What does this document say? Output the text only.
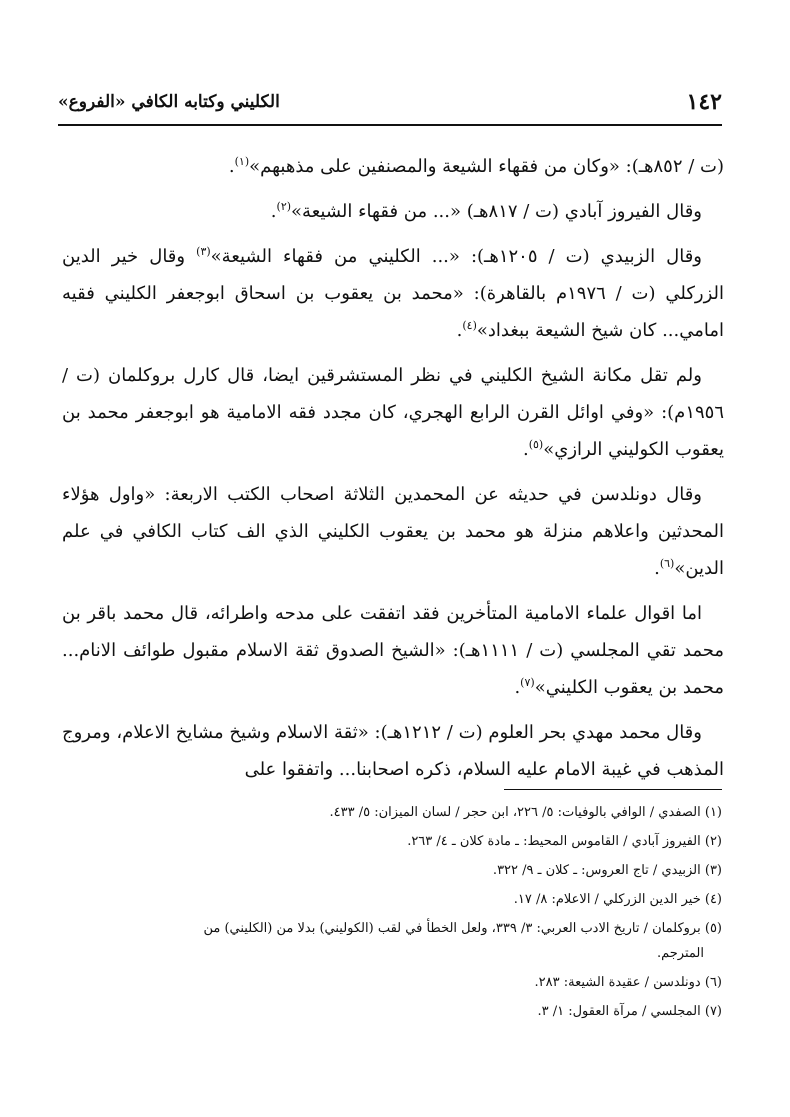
١٤٢
الكليني وكتابه الكافي «الفروع»

(ت / ٨٥٢هـ): «وكان من فقهاء الشيعة والمصنفين على مذهبهم»$^{(١)}$.

وقال الفيروز آبادي (ت / ٨١٧هـ) «... من فقهاء الشيعة»$^{(٢)}$.

وقال الزبيدي (ت / ١٢٠٥هـ): «... الكليني من فقهاء الشيعة»$^{(٣)}$ وقال خير الدين الزركلي (ت / ١٩٧٦م بالقاهرة): «محمد بن يعقوب بن اسحاق ابوجعفر الكليني فقيه امامي... كان شيخ الشيعة ببغداد»$^{(٤)}$.

ولم تقل مكانة الشيخ الكليني في نظر المستشرقين ايضا، قال كارل بروكلمان (ت / ١٩٥٦م): «وفي اوائل القرن الرابع الهجري، كان مجدد فقه الامامية هو ابوجعفر محمد بن يعقوب الكوليني الرازي»$^{(٥)}$.

وقال دونلدسن في حديثه عن المحمدين الثلاثة اصحاب الكتب الاربعة: «واول هؤلاء المحدثين واعلاهم منزلة هو محمد بن يعقوب الكليني الذي الف كتاب الكافي في علم الدين»$^{(٦)}$.

اما اقوال علماء الامامية المتأخرين فقد اتفقت على مدحه واطرائه، قال محمد باقر بن محمد تقي المجلسي (ت / ١١١١هـ): «الشيخ الصدوق ثقة الاسلام مقبول طوائف الانام... محمد بن يعقوب الكليني»$^{(٧)}$.

وقال محمد مهدي بحر العلوم (ت / ١٢١٢هـ): «ثقة الاسلام وشيخ مشايخ الاعلام، ومروج المذهب في غيبة الامام عليه السلام، ذكره اصحابنا... واتفقوا على

(١) الصفدي / الوافي بالوفيات: ٥/ ٢٢٦، ابن حجر / لسان الميزان: ٥/ ٤٣٣.
(٢) الفيروز آبادي / القاموس المحيط: ـ مادة كلان ـ ٤/ ٢٦٣.
(٣) الزبيدي / تاج العروس: ـ كلان ـ ٩/ ٣٢٢.
(٤) خير الدين الزركلي / الاعلام: ٨/ ١٧.
(٥) بروكلمان / تاريخ الادب العربي: ٣/ ٣٣٩، ولعل الخطأ في لقب (الكوليني) بدلا من (الكليني) من
المترجم.
(٦) دونلدسن / عقيدة الشيعة: ٢٨٣.
(٧) المجلسي / مرآة العقول: ١/ ٣.
